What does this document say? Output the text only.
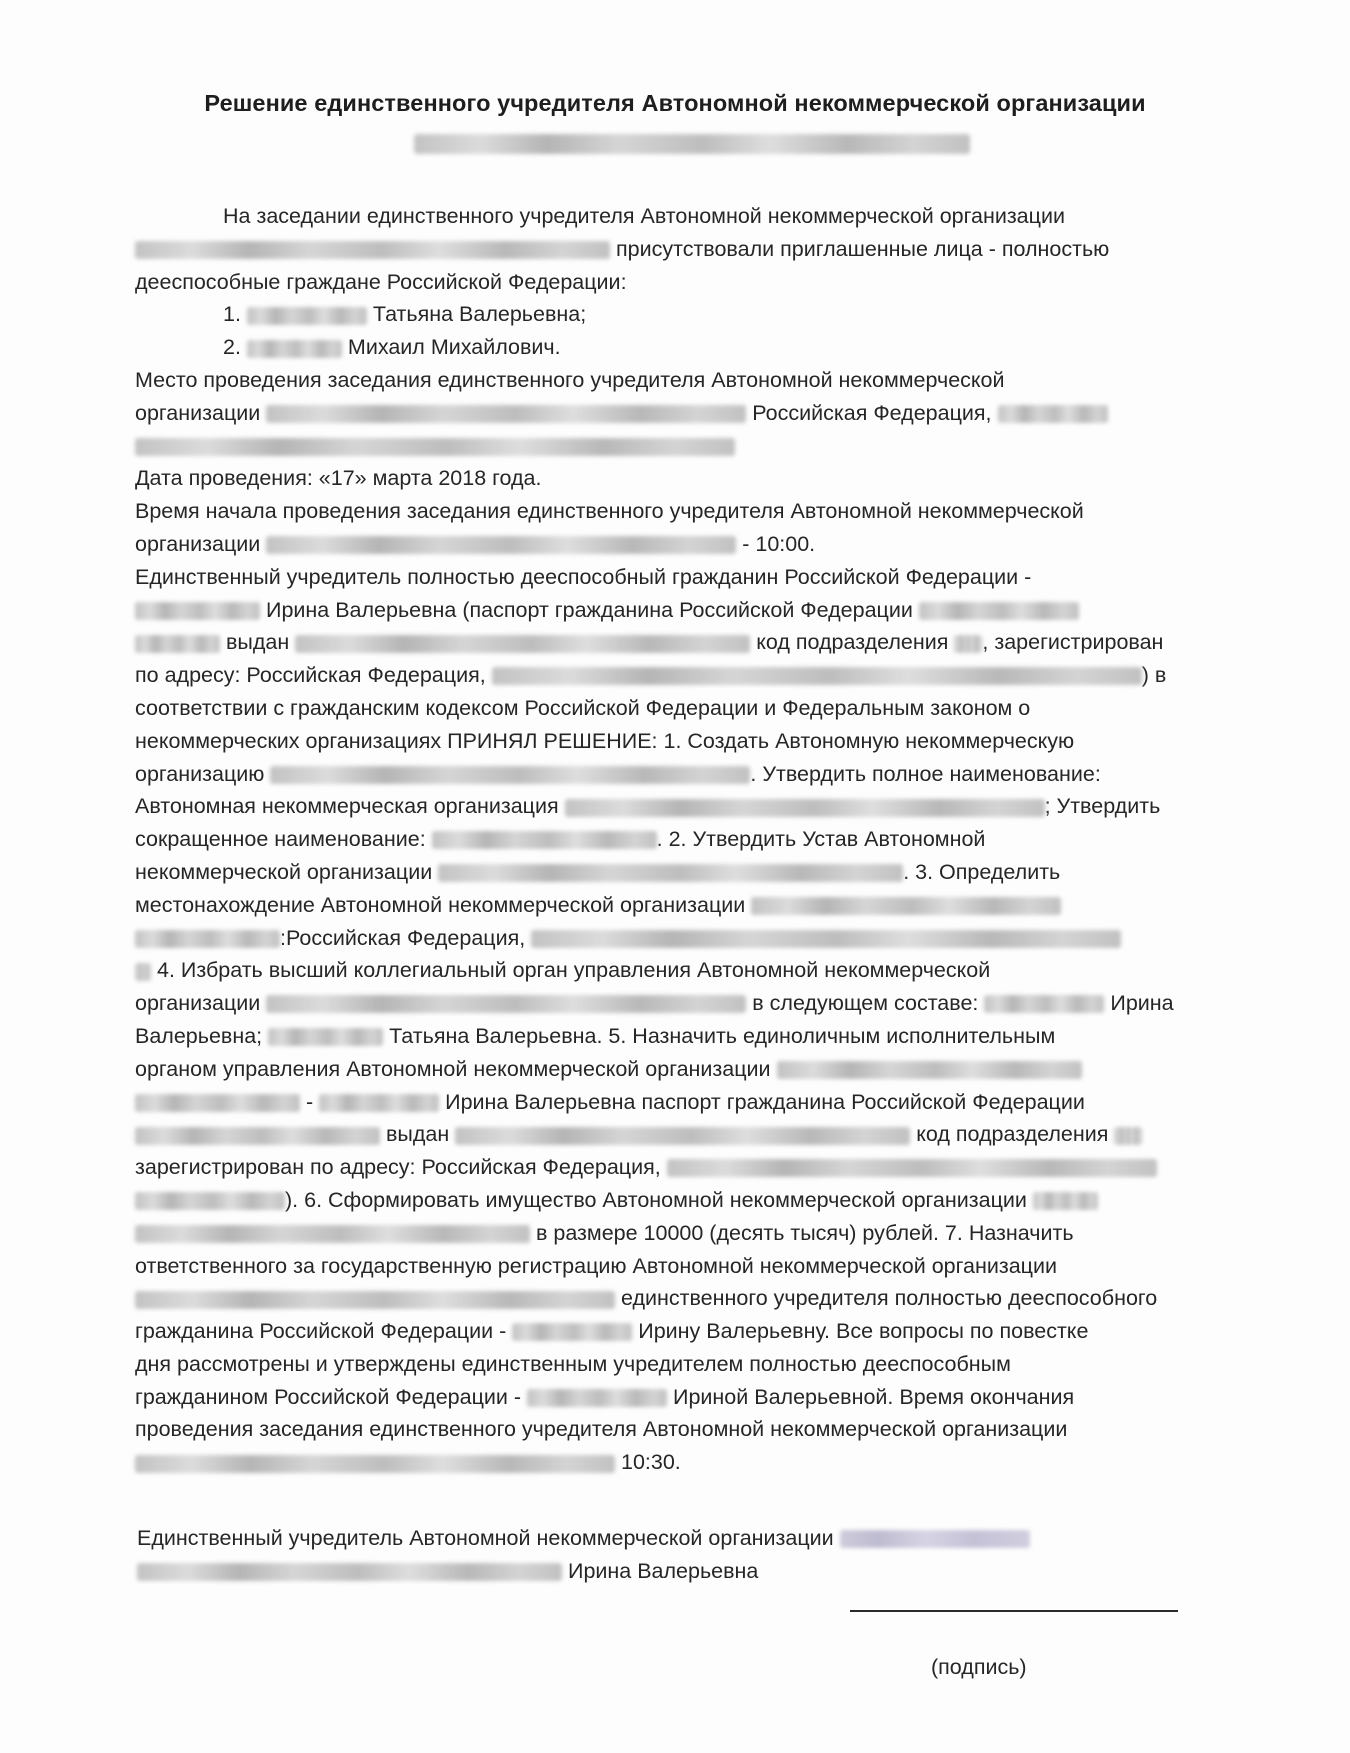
Решение единственного учредителя Автономной некоммерческой организации
На заседании единственного учредителя Автономной некоммерческой организации
присутствовали приглашенные лица - полностью
дееспособные граждане Российской Федерации:
1.	Татьяна Валерьевна;
2.	Михаил Михайлович.
Место проведения заседания единственного учредителя Автономной некоммерческой
организации	Российская Федерация,
Дата проведения: «17» марта 2018 года.
Время начала проведения заседания единственного учредителя Автономной некоммерческой
организации	- 10:00.
Единственный учредитель полностью дееспособный гражданин Российской Федерации -
Ирина Валерьевна (паспорт гражданина Российской Федерации
выдан	код подразделения , зарегистрирован
по адресу: Российская Федерация,	) в
соответствии с гражданским кодексом Российской Федерации и Федеральным законом о
некоммерческих организациях ПРИНЯЛ РЕШЕНИЕ: 1. Создать Автономную некоммерческую
организацию	. Утвердить полное наименование:
Автономная некоммерческая организация	; Утвердить
сокращенное наименование:	. 2. Утвердить Устав Автономной
некоммерческой организации	. 3. Определить
местонахождение Автономной некоммерческой организации
:Российская Федерация,
4. Избрать высший коллегиальный орган управления Автономной некоммерческой
организации	в следующем составе:	Ирина
Валерьевна;	Татьяна Валерьевна. 5. Назначить единоличным исполнительным
органом управления Автономной некоммерческой организации
-	Ирина Валерьевна паспорт гражданина Российской Федерации
выдан	код подразделения
зарегистрирован по адресу: Российская Федерация,
). 6. Сформировать имущество Автономной некоммерческой организации
в размере 10000 (десять тысяч) рублей. 7. Назначить
ответственного за государственную регистрацию Автономной некоммерческой организации
единственного учредителя полностью дееспособного
гражданина Российской Федерации -	Ирину Валерьевну. Все вопросы по повестке
дня рассмотрены и утверждены единственным учредителем полностью дееспособным
гражданином Российской Федерации -	Ириной Валерьевной. Время окончания
проведения заседания единственного учредителя Автономной некоммерческой организации
10:30.
Единственный учредитель Автономной некоммерческой организации
Ирина Валерьевна
(подпись)
